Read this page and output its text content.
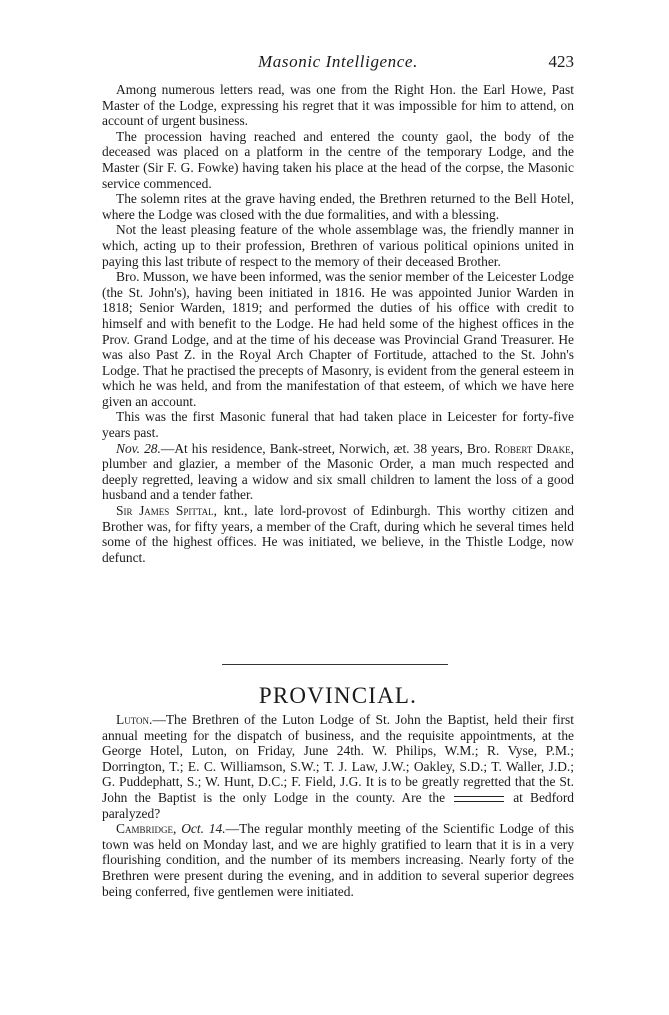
Masonic Intelligence.	423

Among numerous letters read, was one from the Right Hon. the Earl Howe, Past Master of the Lodge, expressing his regret that it was impossible for him to attend, on account of urgent business.

The procession having reached and entered the county gaol, the body of the deceased was placed on a platform in the centre of the temporary Lodge, and the Master (Sir F. G. Fowke) having taken his place at the head of the corpse, the Masonic service commenced.

The solemn rites at the grave having ended, the Brethren returned to the Bell Hotel, where the Lodge was closed with the due formalities, and with a blessing.

Not the least pleasing feature of the whole assemblage was, the friendly manner in which, acting up to their profession, Brethren of various political opinions united in paying this last tribute of respect to the memory of their deceased Brother.

Bro. Musson, we have been informed, was the senior member of the Leicester Lodge (the St. John's), having been initiated in 1816. He was appointed Junior Warden in 1818; Senior Warden, 1819; and performed the duties of his office with credit to himself and with benefit to the Lodge. He had held some of the highest offices in the Prov. Grand Lodge, and at the time of his decease was Provincial Grand Treasurer. He was also Past Z. in the Royal Arch Chapter of Fortitude, attached to the St. John's Lodge. That he practised the precepts of Masonry, is evident from the general esteem in which he was held, and from the manifestation of that esteem, of which we have here given an account.

This was the first Masonic funeral that had taken place in Leicester for forty-five years past.

Nov. 28.—At his residence, Bank-street, Norwich, æt. 38 years, Bro. Robert Drake, plumber and glazier, a member of the Masonic Order, a man much respected and deeply regretted, leaving a widow and six small children to lament the loss of a good husband and a tender father.

Sir James Spittal, knt., late lord-provost of Edinburgh. This worthy citizen and Brother was, for fifty years, a member of the Craft, during which he several times held some of the highest offices. He was initiated, we believe, in the Thistle Lodge, now defunct.

PROVINCIAL.

Luton.—The Brethren of the Luton Lodge of St. John the Baptist, held their first annual meeting for the dispatch of business, and the requisite appointments, at the George Hotel, Luton, on Friday, June 24th. W. Philips, W.M.; R. Vyse, P.M.; Dorrington, T.; E. C. Williamson, S.W.; T. J. Law, J.W.; Oakley, S.D.; T. Waller, J.D.; G. Puddephatt, S.; W. Hunt, D.C.; F. Field, J.G. It is to be greatly regretted that the St. John the Baptist is the only Lodge in the county. Are the	at Bedford paralyzed?

Cambridge, Oct. 14.—The regular monthly meeting of the Scientific Lodge of this town was held on Monday last, and we are highly gratified to learn that it is in a very flourishing condition, and the number of its members increasing. Nearly forty of the Brethren were present during the evening, and in addition to several superior degrees being conferred, five gentlemen were initiated.
